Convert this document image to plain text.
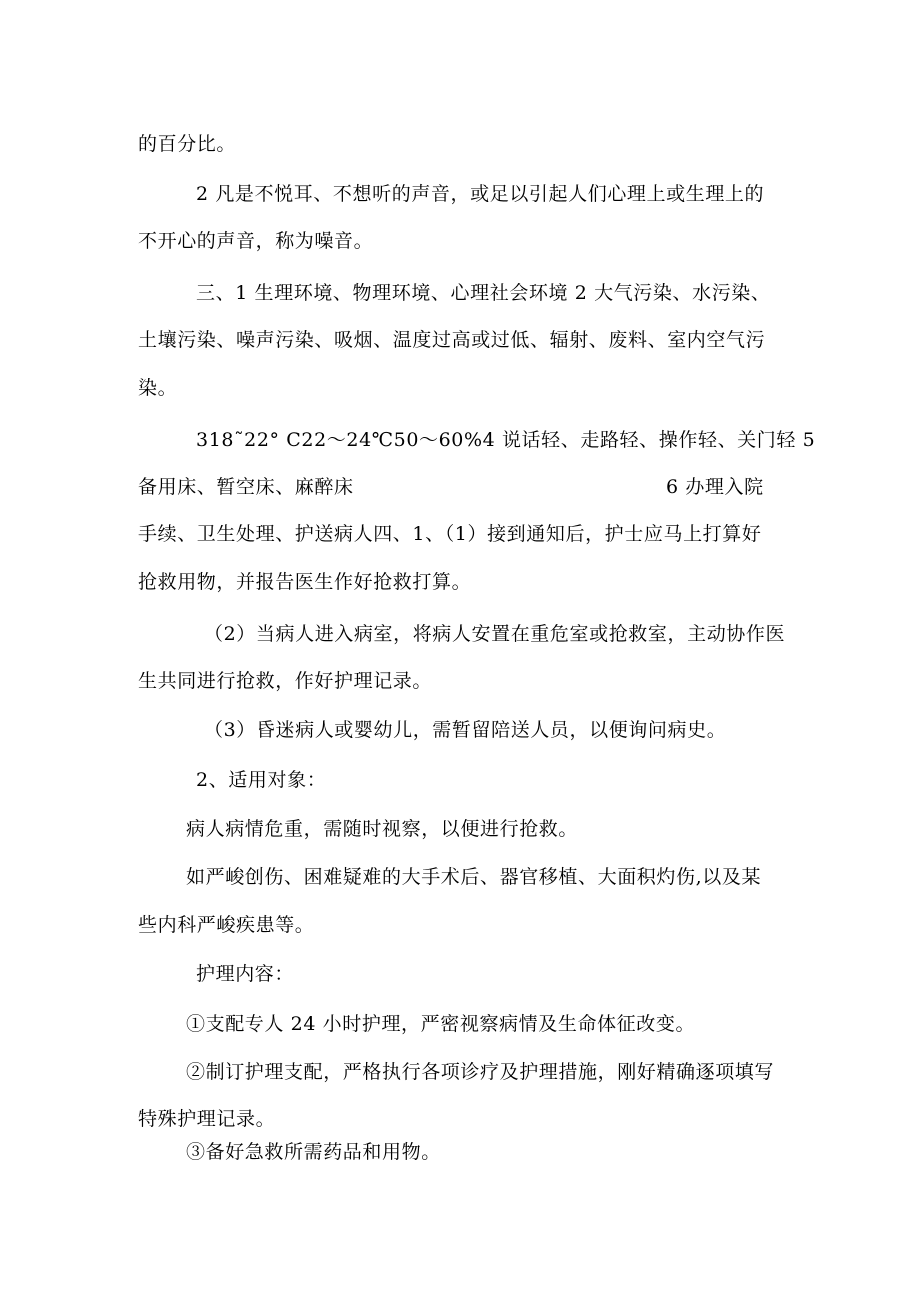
的百分比。
2 凡是不悦耳、不想听的声音，或足以引起人们心理上或生理上的
不开心的声音，称为噪音。
三、1 生理环境、物理环境、心理社会环境 2 大气污染、水污染、
土壤污染、噪声污染、吸烟、温度过高或过低、辐射、废料、室内空气污
染。
318˜22° C22～24℃50～60%4 说话轻、走路轻、操作轻、关门轻 5
备用床、暂空床、麻醉床	6 办理入院
手续、卫生处理、护送病人四、1、（1）接到通知后，护士应马上打算好
抢救用物，并报告医生作好抢救打算。
（2）当病人进入病室，将病人安置在重危室或抢救室，主动协作医
生共同进行抢救，作好护理记录。
（3）昏迷病人或婴幼儿，需暂留陪送人员，以便询问病史。
2、适用对象：
病人病情危重，需随时视察，以便进行抢救。
如严峻创伤、困难疑难的大手术后、器官移植、大面积灼伤,以及某
些内科严峻疾患等。
护理内容：
①支配专人 24 小时护理，严密视察病情及生命体征改变。
②制订护理支配，严格执行各项诊疗及护理措施，刚好精确逐项填写
特殊护理记录。
③备好急救所需药品和用物。
